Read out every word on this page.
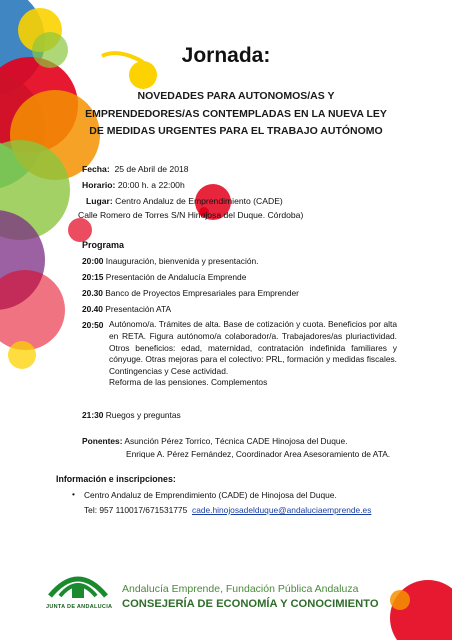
Jornada:
NOVEDADES PARA AUTONOMOS/AS Y
EMPRENDEDORES/AS CONTEMPLADAS EN LA NUEVA LEY
DE MEDIDAS URGENTES PARA EL TRABAJO AUTÓNOMO
Fecha: 25 de Abril de 2018
Horario: 20:00 h. a 22:00h
Lugar: Centro Andaluz de Emprendimiento (CADE)
Calle Romero de Torres S/N Hinojosa del Duque. Córdoba)
Programa
20:00 Inauguración, bienvenida y presentación.
20:15 Presentación de Andalucía Emprende
20.30 Banco de Proyectos Empresariales para Emprender
20.40 Presentación ATA
20:50 Autónomo/a. Trámites de alta. Base de cotización y cuota. Beneficios por alta en RETA. Figura autónomo/a colaborador/a. Trabajadores/as pluriactividad. Otros beneficios: edad, maternidad, contratación indefinida familiares y cónyuge. Otras mejoras para el colectivo: PRL, formación y medidas fiscales. Contingencias y Cese actividad.
Reforma de las pensiones. Complementos
21:30 Ruegos y preguntas
Ponentes: Asunción Pérez Torrico, Técnica CADE Hinojosa del Duque.
Enrique A. Pérez Fernández, Coordinador Area Asesoramiento de ATA.
Información e inscripciones:
• Centro Andaluz de Emprendimiento (CADE) de Hinojosa del Duque.
Tel: 957 110017/671531775 cade.hinojosadelduque@andaluciaemprende.es
JUNTA DE ANDALUCIA
Andalucía Emprende, Fundación Pública Andaluza
CONSEJERÍA DE ECONOMÍA Y CONOCIMIENTO
